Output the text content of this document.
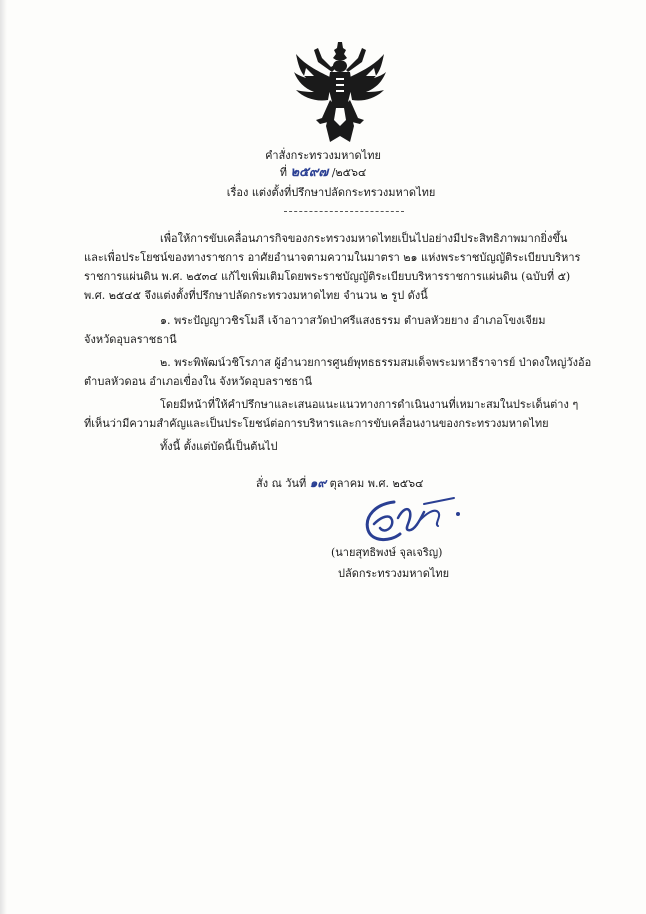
คำสั่งกระทรวงมหาดไทย
ที่ ๒๕๙๗ /๒๕๖๔
เรื่อง แต่งตั้งที่ปรึกษาปลัดกระทรวงมหาดไทย
เพื่อให้การขับเคลื่อนภารกิจของกระทรวงมหาดไทยเป็นไปอย่างมีประสิทธิภาพมากยิ่งขึ้น
และเพื่อประโยชน์ของทางราชการ อาศัยอำนาจตามความในมาตรา ๒๑ แห่งพระราชบัญญัติระเบียบบริหาร
ราชการแผ่นดิน พ.ศ. ๒๕๓๔ แก้ไขเพิ่มเติมโดยพระราชบัญญัติระเบียบบริหารราชการแผ่นดิน (ฉบับที่ ๕)
พ.ศ. ๒๕๔๕ จึงแต่งตั้งที่ปรึกษาปลัดกระทรวงมหาดไทย จำนวน ๒ รูป ดังนี้
๑. พระปัญญาวชิรโมลี เจ้าอาวาสวัดป่าศรีแสงธรรม ตำบลหัวยยาง อำเภอโขงเจียม
จังหวัดอุบลราชธานี
๒. พระพิพัฒน์วชิโรภาส ผู้อำนวยการศูนย์พุทธธรรมสมเด็จพระมหาธีราจารย์ ป่าดงใหญ่วังอ้อ
ตำบลหัวดอน อำเภอเขื่องใน จังหวัดอุบลราชธานี
โดยมีหน้าที่ให้คำปรึกษาและเสนอแนะแนวทางการดำเนินงานที่เหมาะสมในประเด็นต่าง ๆ
ที่เห็นว่ามีความสำคัญและเป็นประโยชน์ต่อการบริหารและการขับเคลื่อนงานของกระทรวงมหาดไทย
ทั้งนี้ ตั้งแต่บัดนี้เป็นต้นไป
สั่ง ณ วันที่ ๑๙ ตุลาคม พ.ศ. ๒๕๖๔
(นายสุทธิพงษ์ จุลเจริญ)
ปลัดกระทรวงมหาดไทย
